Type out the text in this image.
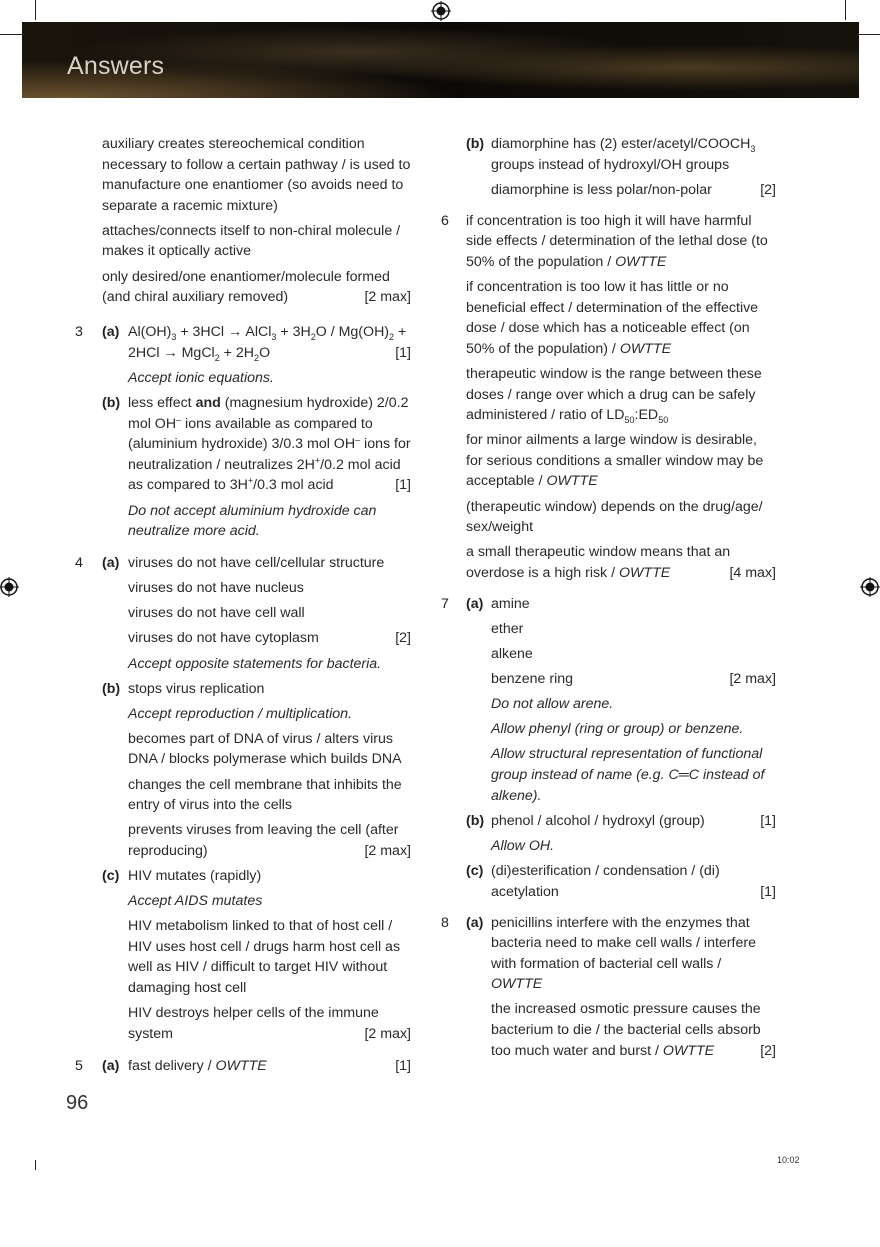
Answers

auxiliary creates stereochemical condition necessary to follow a certain pathway / is used to manufacture one enantiomer (so avoids need to separate a racemic mixture)

attaches/connects itself to non-chiral molecule / makes it optically active

only desired/one enantiomer/molecule formed (and chiral auxiliary removed)	[2 max]

3 (a) $Al(OH)_3 + 3HCl$ → AlCl$_3$ + $3H_2O / Mg(OH)_2 + 2HCl$ → MgCl$_2$ + $2H_2O$	[1]

Accept ionic equations.

(b) less effect and (magnesium hydroxide) 2/0.2 mol OH– ions available as compared to (aluminium hydroxide) 3/0.3 mol OH– ions for neutralization / neutralizes 2H+/0.2 mol acid as compared to 3H+/0.3 mol acid	[1]

Do not accept aluminium hydroxide can neutralize more acid.

4 (a) viruses do not have cell/cellular structure

viruses do not have nucleus

viruses do not have cell wall

viruses do not have cytoplasm	[2]

Accept opposite statements for bacteria.

(b) stops virus replication

Accept reproduction / multiplication.

becomes part of DNA of virus / alters virus DNA / blocks polymerase which builds DNA

changes the cell membrane that inhibits the entry of virus into the cells

prevents viruses from leaving the cell (after reproducing)	[2 max]

(c) HIV mutates (rapidly)

Accept AIDS mutates

HIV metabolism linked to that of host cell / HIV uses host cell / drugs harm host cell as well as HIV / difficult to target HIV without damaging host cell

HIV destroys helper cells of the immune system	[2 max]

5 (a) fast delivery / OWTTE	[1]

(b) diamorphine has (2) ester/$acetyl/COOCH_3$ groups instead of hydroxyl/OH groups

diamorphine is less polar/non-polar	[2]

6 if concentration is too high it will have harmful side effects / determination of the lethal dose (to 50% of the population / OWTTE

if concentration is too low it has little or no beneficial effect / determination of the effective dose / dose which has a noticeable effect (on 50% of the population) / OWTTE

therapeutic window is the range between these doses / range over which a drug can be safely administered / ratio of $LD_{50}:ED_{50}$

for minor ailments a large window is desirable, for serious conditions a smaller window may be acceptable / OWTTE

(therapeutic window) depends on the drug/age/ sex/weight

a small therapeutic window means that an overdose is a high risk / OWTTE	[4 max]

7 (a) amine

ether

alkene

benzene ring	[2 max]

Do not allow arene.

Allow phenyl (ring or group) or benzene.

Allow structural representation of functional group instead of name (e.g. C═C instead of alkene).

(b) phenol / alcohol / hydroxyl (group)	[1]

Allow OH.

(c) (di)esterification / condensation / (di) acetylation	[1]

8 (a) penicillins interfere with the enzymes that bacteria need to make cell walls / interfere with formation of bacterial cell walls / OWTTE

the increased osmotic pressure causes the bacterium to die / the bacterial cells absorb too much water and burst / OWTTE	[2]

96
10:02
